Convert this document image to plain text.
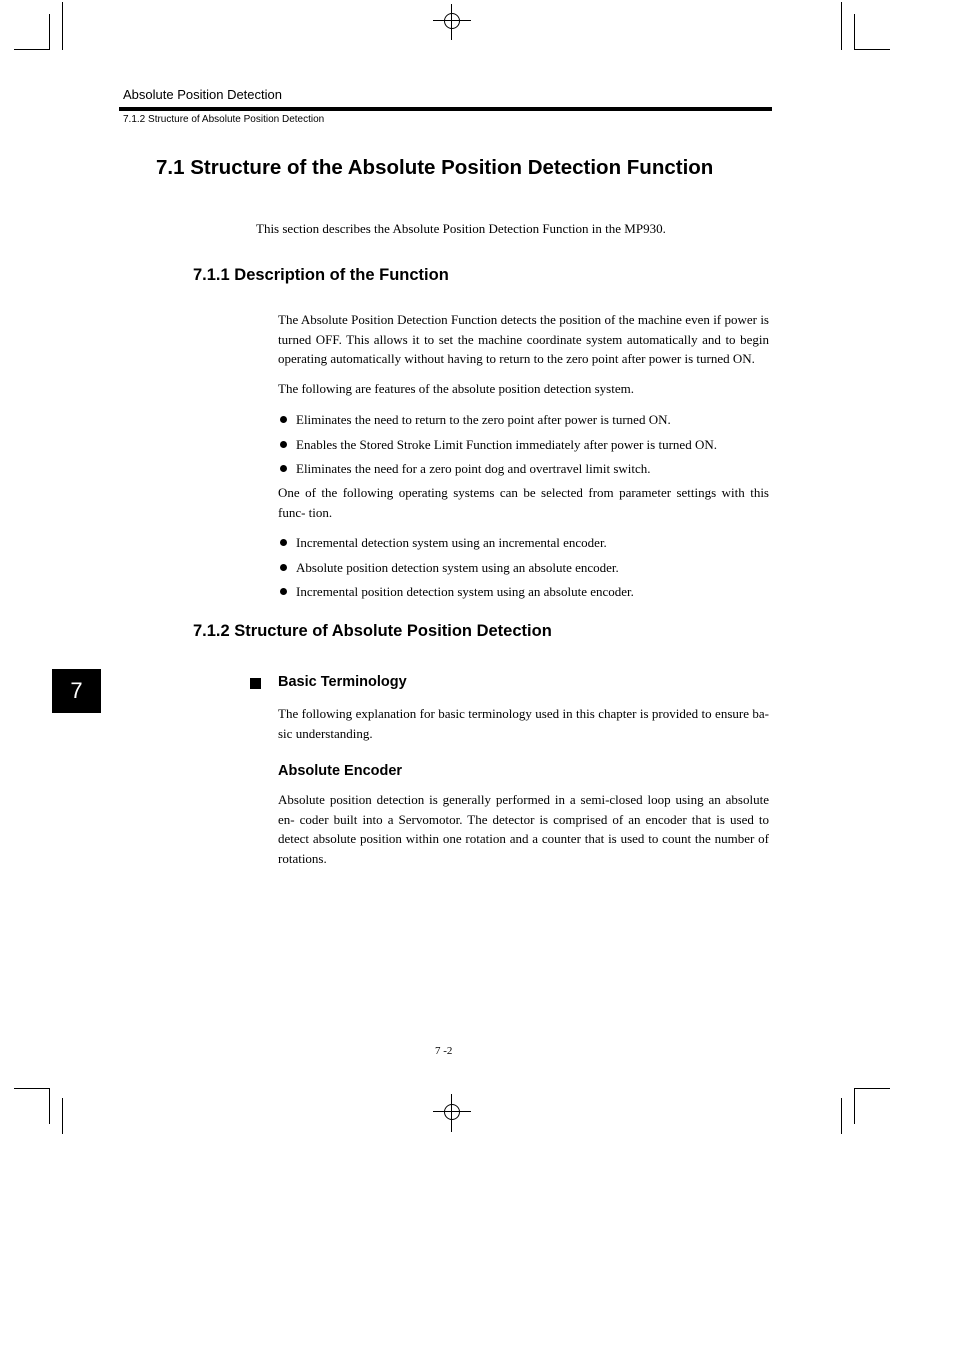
Absolute Position Detection
7.1.2 Structure of Absolute Position Detection
7.1 Structure of the Absolute Position Detection Function
This section describes the Absolute Position Detection Function in the MP930.
7.1.1 Description of the Function
The Absolute Position Detection Function detects the position of the machine even if power is turned OFF. This allows it to set the machine coordinate system automatically and to begin operating automatically without having to return to the zero point after power is turned ON.
The following are features of the absolute position detection system.
Eliminates the need to return to the zero point after power is turned ON.
Enables the Stored Stroke Limit Function immediately after power is turned ON.
Eliminates the need for a zero point dog and overtravel limit switch.
One of the following operating systems can be selected from parameter settings with this func- tion.
Incremental detection system using an incremental encoder.
Absolute position detection system using an absolute encoder.
Incremental position detection system using an absolute encoder.
7.1.2 Structure of Absolute Position Detection
Basic Terminology
The following explanation for basic terminology used in this chapter is provided to ensure ba- sic understanding.
Absolute Encoder
Absolute position detection is generally performed in a semi-closed loop using an absolute en- coder built into a Servomotor. The detector is comprised of an encoder that is used to detect absolute position within one rotation and a counter that is used to count the number of rotations.
7
7 -2
